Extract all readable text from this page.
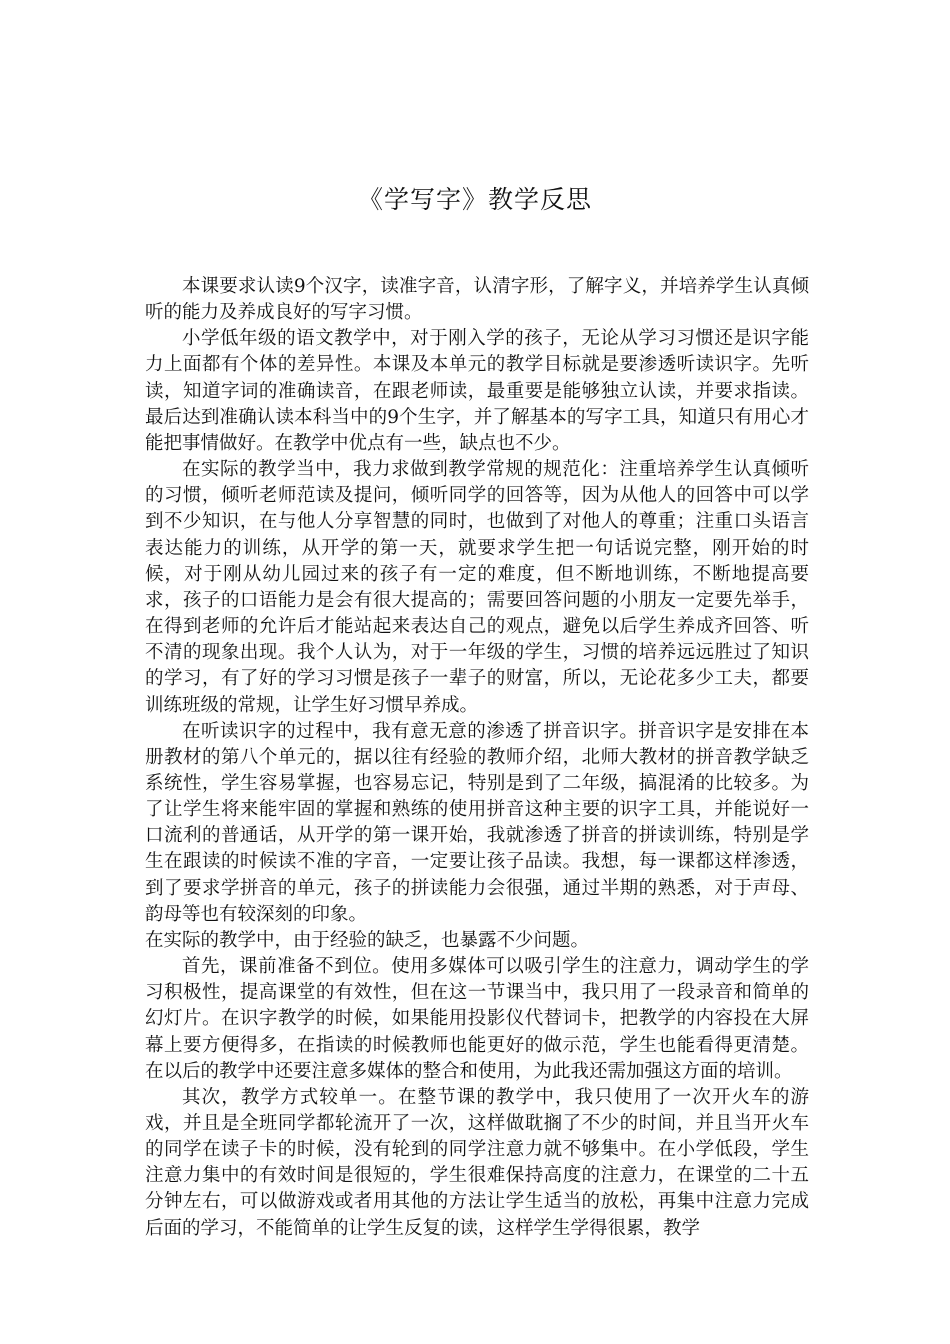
《学写字》教学反思

本课要求认读9个汉字，读准字音，认清字形，了解字义，并培养学生认真倾听的能力及养成良好的写字习惯。

小学低年级的语文教学中，对于刚入学的孩子，无论从学习习惯还是识字能力上面都有个体的差异性。本课及本单元的教学目标就是要渗透听读识字。先听读，知道字词的准确读音，在跟老师读，最重要是能够独立认读，并要求指读。最后达到准确认读本科当中的9个生字，并了解基本的写字工具，知道只有用心才能把事情做好。在教学中优点有一些，缺点也不少。

在实际的教学当中，我力求做到教学常规的规范化：注重培养学生认真倾听的习惯，倾听老师范读及提问，倾听同学的回答等，因为从他人的回答中可以学到不少知识，在与他人分享智慧的同时，也做到了对他人的尊重；注重口头语言表达能力的训练，从开学的第一天，就要求学生把一句话说完整，刚开始的时候，对于刚从幼儿园过来的孩子有一定的难度，但不断地训练，不断地提高要求，孩子的口语能力是会有很大提高的；需要回答问题的小朋友一定要先举手，在得到老师的允许后才能站起来表达自己的观点，避免以后学生养成齐回答、听不清的现象出现。我个人认为，对于一年级的学生，习惯的培养远远胜过了知识的学习，有了好的学习习惯是孩子一辈子的财富，所以，无论花多少工夫，都要训练班级的常规，让学生好习惯早养成。

在听读识字的过程中，我有意无意的渗透了拼音识字。拼音识字是安排在本册教材的第八个单元的，据以往有经验的教师介绍，北师大教材的拼音教学缺乏系统性，学生容易掌握，也容易忘记，特别是到了二年级，搞混淆的比较多。为了让学生将来能牢固的掌握和熟练的使用拼音这种主要的识字工具，并能说好一口流利的普通话，从开学的第一课开始，我就渗透了拼音的拼读训练，特别是学生在跟读的时候读不准的字音，一定要让孩子品读。我想，每一课都这样渗透，到了要求学拼音的单元，孩子的拼读能力会很强，通过半期的熟悉，对于声母、韵母等也有较深刻的印象。

在实际的教学中，由于经验的缺乏，也暴露不少问题。

首先，课前准备不到位。使用多媒体可以吸引学生的注意力，调动学生的学习积极性，提高课堂的有效性，但在这一节课当中，我只用了一段录音和简单的幻灯片。在识字教学的时候，如果能用投影仪代替词卡，把教学的内容投在大屏幕上要方便得多，在指读的时候教师也能更好的做示范，学生也能看得更清楚。在以后的教学中还要注意多媒体的整合和使用，为此我还需加强这方面的培训。

其次，教学方式较单一。在整节课的教学中，我只使用了一次开火车的游戏，并且是全班同学都轮流开了一次，这样做耽搁了不少的时间，并且当开火车的同学在读子卡的时候，没有轮到的同学注意力就不够集中。在小学低段，学生注意力集中的有效时间是很短的，学生很难保持高度的注意力，在课堂的二十五分钟左右，可以做游戏或者用其他的方法让学生适当的放松，再集中注意力完成后面的学习，不能简单的让学生反复的读，这样学生学得很累，教学
